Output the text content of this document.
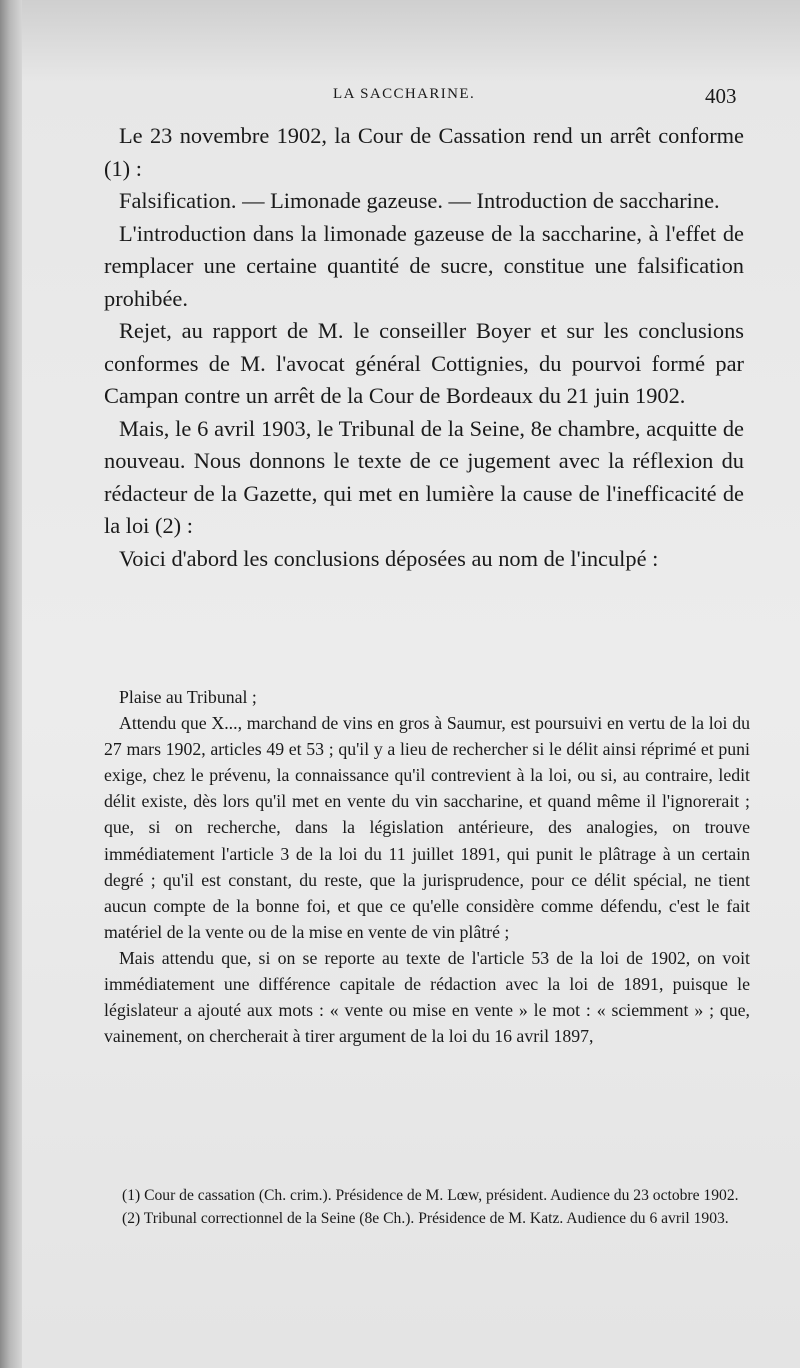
LA SACCHARINE.	403

Le 23 novembre 1902, la Cour de Cassation rend un arrêt conforme (1) :

Falsification. — Limonade gazeuse. — Introduction de saccharine.

L'introduction dans la limonade gazeuse de la saccharine, à l'effet de remplacer une certaine quantité de sucre, constitue une falsification prohibée.

Rejet, au rapport de M. le conseiller Boyer et sur les conclusions conformes de M. l'avocat général Cottignies, du pourvoi formé par Campan contre un arrêt de la Cour de Bordeaux du 21 juin 1902.

Mais, le 6 avril 1903, le Tribunal de la Seine, 8e chambre, acquitte de nouveau. Nous donnons le texte de ce jugement avec la réflexion du rédacteur de la Gazette, qui met en lumière la cause de l'inefficacité de la loi (2) :

Voici d'abord les conclusions déposées au nom de l'inculpé :

Plaise au Tribunal ;

Attendu que X..., marchand de vins en gros à Saumur, est poursuivi en vertu de la loi du 27 mars 1902, articles 49 et 53 ; qu'il y a lieu de rechercher si le délit ainsi réprimé et puni exige, chez le prévenu, la connaissance qu'il contrevient à la loi, ou si, au contraire, ledit délit existe, dès lors qu'il met en vente du vin saccharine, et quand même il l'ignorerait ; que, si on recherche, dans la législation antérieure, des analogies, on trouve immédiatement l'article 3 de la loi du 11 juillet 1891, qui punit le plâtrage à un certain degré ; qu'il est constant, du reste, que la jurisprudence, pour ce délit spécial, ne tient aucun compte de la bonne foi, et que ce qu'elle considère comme défendu, c'est le fait matériel de la vente ou de la mise en vente de vin plâtré ;

Mais attendu que, si on se reporte au texte de l'article 53 de la loi de 1902, on voit immédiatement une différence capitale de rédaction avec la loi de 1891, puisque le législateur a ajouté aux mots : « vente ou mise en vente » le mot : « sciemment » ; que, vainement, on chercherait à tirer argument de la loi du 16 avril 1897,

(1) Cour de cassation (Ch. crim.). Présidence de M. Lœw, président. Audience du 23 octobre 1902.

(2) Tribunal correctionnel de la Seine (8e Ch.). Présidence de M. Katz. Audience du 6 avril 1903.
